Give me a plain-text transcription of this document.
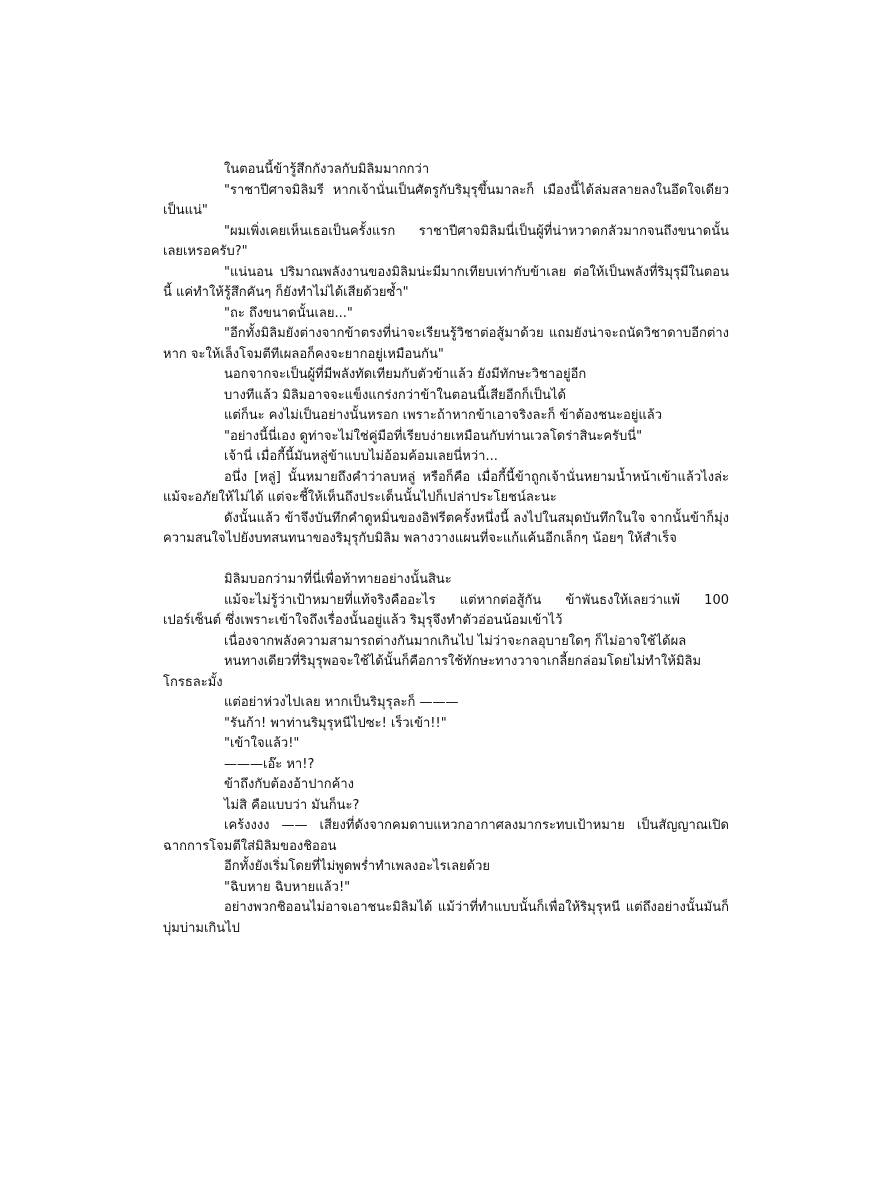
ในตอนนี้ข้ารู้สึกกังวลกับมิลิมมากกว่า

"ราชาปีศาจมิลิมรี หากเจ้านั่นเป็นศัตรูกับริมุรุขึ้นมาละก็ เมืองนี้ได้ล่มสลายลงในอึดใจเดียวเป็นแน่"

"ผมเพิ่งเคยเห็นเธอเป็นครั้งแรก ราชาปีศาจมิลิมนี่เป็นผู้ที่น่าหวาดกลัวมากจนถึงขนาดนั้นเลยเหรอครับ?"

"แน่นอน ปริมาณพลังงานของมิลิมน่ะมีมากเทียบเท่ากับข้าเลย ต่อให้เป็นพลังที่ริมุรุมีในตอนนี้ แค่ทำให้รู้สึกคันๆ ก็ยังทำไม่ได้เสียด้วยซ้ำ"

"ถะ ถึงขนาดนั้นเลย..."

"อีกทั้งมิลิมยังต่างจากข้าตรงที่น่าจะเรียนรู้วิชาต่อสู้มาด้วย แถมยังน่าจะถนัดวิชาดาบอีกต่างหาก จะให้เล็งโจมตีทีเผลอก็คงจะยากอยู่เหมือนกัน"

นอกจากจะเป็นผู้ที่มีพลังทัดเทียมกับตัวข้าแล้ว ยังมีทักษะวิชาอยู่อีก

บางทีแล้ว มิลิมอาจจะแข็งแกร่งกว่าข้าในตอนนี้เสียอีกก็เป็นได้

แต่ก็นะ คงไม่เป็นอย่างนั้นหรอก เพราะถ้าหากข้าเอาจริงละก็ ข้าต้องชนะอยู่แล้ว

"อย่างนี้นี่เอง ดูท่าจะไม่ใช่คู่มือที่เรียบง่ายเหมือนกับท่านเวลโดร่าสินะครับนี่"

เจ้านี่ เมื่อกี้นี้มันหลู่ข้าแบบไม่อ้อมค้อมเลยนี่หว่า...

อนึ่ง [หลู่] นั้นหมายถึงคำว่าลบหลู่ หรือก็คือ เมื่อกี้นี้ข้าถูกเจ้านั่นหยามน้ำหน้าเข้าแล้วไงล่ะ แม้จะอภัยให้ไม่ได้ แต่จะชี้ให้เห็นถึงประเด็นนั้นไปก็เปล่าประโยชน์ละนะ

ดังนั้นแล้ว ข้าจึงบันทึกคำดูหมิ่นของอิฟรีตครั้งหนึ่งนี้ ลงไปในสมุดบันทึกในใจ จากนั้นข้าก็มุ่งความสนใจไปยังบทสนทนาของริมุรุกับมิลิม พลางวางแผนที่จะแก้แค้นอีกเล็กๆ น้อยๆ ให้สำเร็จ

มิลิมบอกว่ามาที่นี่เพื่อท้าทายอย่างนั้นสินะ

แม้จะไม่รู้ว่าเป้าหมายที่แท้จริงคืออะไร แต่หากต่อสู้กัน ข้าพันธงให้เลยว่าแพ้ 100 เปอร์เซ็นต์ ซึ่งเพราะเข้าใจถึงเรื่องนั้นอยู่แล้ว ริมุรุจึงทำตัวอ่อนน้อมเข้าไว้

เนื่องจากพลังความสามารถต่างกันมากเกินไป ไม่ว่าจะกลอุบายใดๆ ก็ไม่อาจใช้ได้ผล

หนทางเดียวที่ริมุรุพอจะใช้ได้นั้นก็คือการใช้ทักษะทางวาจาเกลี้ยกล่อมโดยไม่ทำให้มิลิมโกรธละมั้ง

แต่อย่าห่วงไปเลย หากเป็นริมุรุละก็ ———

"รันก้า! พาท่านริมุรุหนีไปซะ! เร็วเข้า!!"

"เข้าใจแล้ว!"

———เอ๊ะ หา!?

ข้าถึงกับต้องอ้าปากค้าง

ไม่สิ คือแบบว่า มันก็นะ?

เคร้งงงง —— เสียงที่ดังจากคมดาบแหวกอากาศลงมากระทบเป้าหมาย เป็นสัญญาณเปิดฉากการโจมตีใส่มิลิมของชิออน

อีกทั้งยังเริ่มโดยที่ไม่พูดพร่ำทำเพลงอะไรเลยด้วย

"ฉิบหาย ฉิบหายแล้ว!"

อย่างพวกชิออนไม่อาจเอาชนะมิลิมได้ แม้ว่าที่ทำแบบนั้นก็เพื่อให้ริมุรุหนี แต่ถึงอย่างนั้นมันก็บุ่มบ่ามเกินไป
